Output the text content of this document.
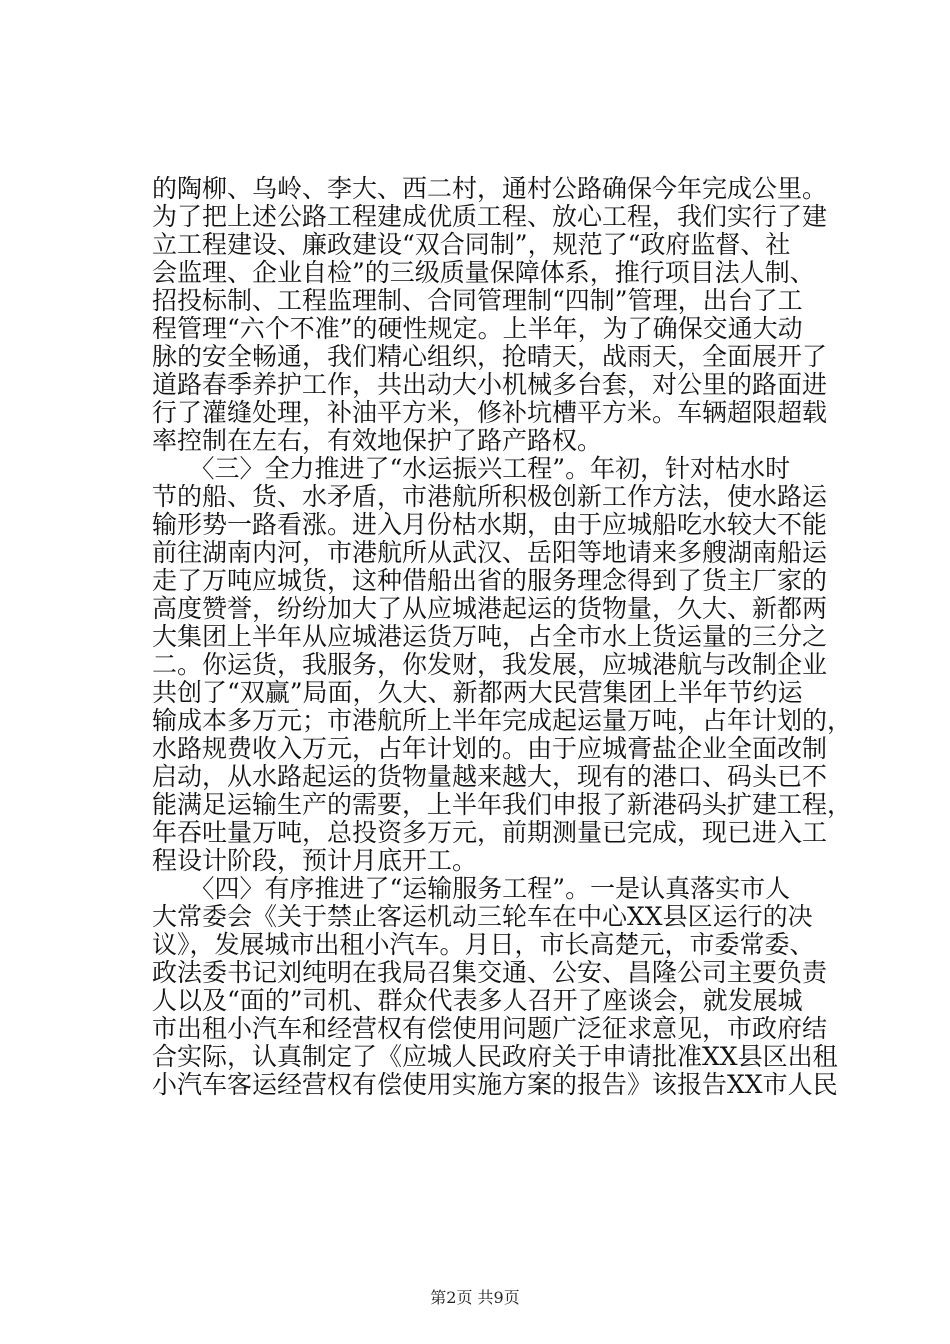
的陶柳、乌岭、李大、西二村，通村公路确保今年完成公里。

为了把上述公路工程建成优质工程、放心工程，我们实行了建

立工程建设、廉政建设“双合同制”，规范了“政府监督、社

会监理、企业自检”的三级质量保障体系，推行项目法人制、

招投标制、工程监理制、合同管理制“四制”管理，出台了工

程管理“六个不准”的硬性规定。上半年，为了确保交通大动

脉的安全畅通，我们精心组织，抢晴天，战雨天，全面展开了

道路春季养护工作，共出动大小机械多台套，对公里的路面进

行了灌缝处理，补油平方米，修补坑槽平方米。车辆超限超载

率控制在左右，有效地保护了路产路权。

　　〈三〉全力推进了“水运振兴工程”。年初，针对枯水时

节的船、货、水矛盾，市港航所积极创新工作方法，使水路运

输形势一路看涨。进入月份枯水期，由于应城船吃水较大不能

前往湖南内河，市港航所从武汉、岳阳等地请来多艘湖南船运

走了万吨应城货，这种借船出省的服务理念得到了货主厂家的

高度赞誉，纷纷加大了从应城港起运的货物量，久大、新都两

大集团上半年从应城港运货万吨，占全市水上货运量的三分之

二。你运货，我服务，你发财，我发展，应城港航与改制企业

共创了“双赢”局面，久大、新都两大民营集团上半年节约运

输成本多万元；市港航所上半年完成起运量万吨，占年计划的，

水路规费收入万元，占年计划的。由于应城膏盐企业全面改制

启动，从水路起运的货物量越来越大，现有的港口、码头已不

能满足运输生产的需要，上半年我们申报了新港码头扩建工程，

年吞吐量万吨，总投资多万元，前期测量已完成，现已进入工

程设计阶段，预计月底开工。

　　〈四〉有序推进了“运输服务工程”。一是认真落实市人

大常委会《关于禁止客运机动三轮车在中心XX县区运行的决

议》，发展城市出租小汽车。月日，市长高楚元，市委常委、

政法委书记刘纯明在我局召集交通、公安、昌隆公司主要负责

人以及“面的”司机、群众代表多人召开了座谈会，就发展城

市出租小汽车和经营权有偿使用问题广泛征求意见，市政府结

合实际，认真制定了《应城人民政府关于申请批准XX县区出租

小汽车客运经营权有偿使用实施方案的报告》该报告XX市人民

第2页 共9页
